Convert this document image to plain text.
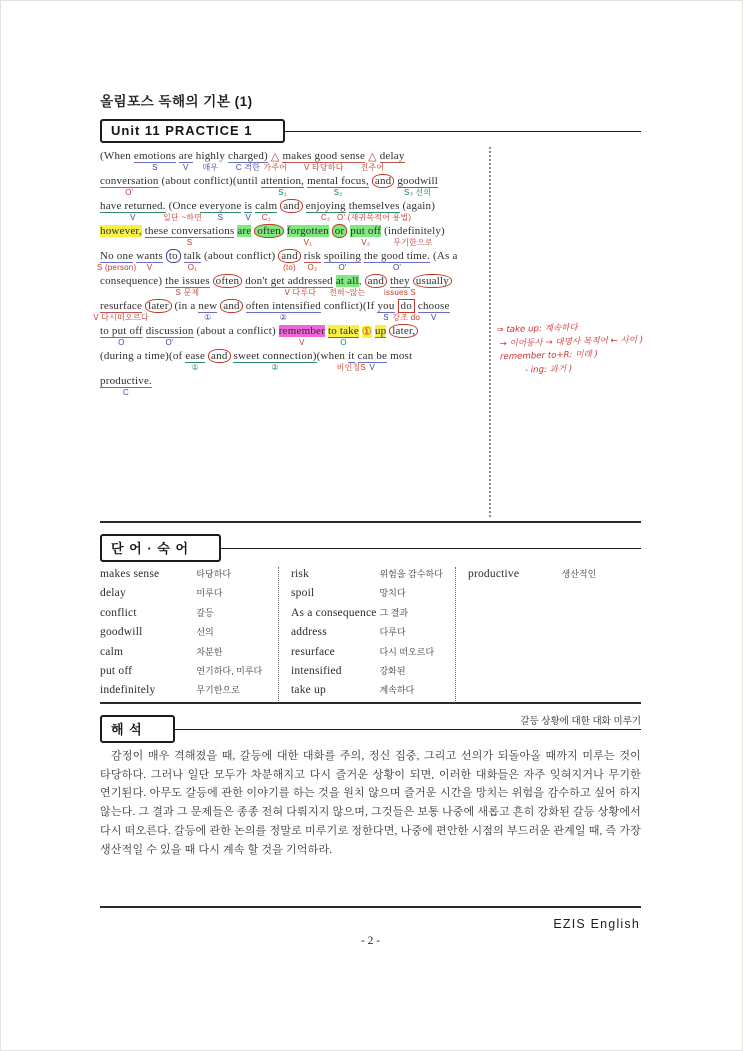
올림포스 독해의 기본 (1)
Unit 11 PRACTICE 1
(When emotions
S
are
V
highly
매우
charged)
C 격한
△
가주어
makes good sense
V 타당하다
△
진주어
delay
conversation
O'
(about conflict)(until attention,
S₁
mental focus,
S₂
and goodwill
S₃ 선의
have returned.
V
(Once
일단 ~하면
everyone
S
is
V
calm
C₁
and enjoying
C₂
themselves
O' (재귀목적어 용법)
(again)
however, these conversations
S
are often forgotten
V₁
or put off
V₂
(indefinitely)
무기한으로
No one
S (person)
wants
V
to talk
O₁
(about conflict) and
(to)
risk
O₂
spoiling
O'
the good time.
O'
(As a
consequence) the issues
S 문제
often don't get addressed
V 다루다
at all
전혀~않는
, and they
issues S
usually
resurface
V 다시떠오르다
later (in a new
①
and often intensified
②
conflict)(If you
S
do
강조 do
choose
V
to put off
O
discussion
O'
(about a conflict) remember
V
to take
O
① up later,
(during a time)(of ease
①
and sweet connection)
②
(when it
비인칭S
can be
V
most
productive.
C
⇒ take up: 계속하다
→ 이어동사 → 대명사 목적어 ← 사이 )
remember to+R: 미래 )
- ing: 과거 )
단 어 · 숙 어
makes sense	타당하다
delay	미루다
conflict	갈등
goodwill	선의
calm	차분한
put off	연기하다, 미루다
indefinitely	무기한으로
risk	위험을 감수하다
spoil	망치다
As a consequence 그 결과
address	다루다
resurface	다시 떠오르다
intensified	강화된
take up	계속하다
productive	생산적인
해 석
갈등 상황에 대한 대화 미루기
감정이 매우 격해졌을 때, 갈등에 대한 대화를 주의, 정신 집중, 그리고 선의가 되돌아올 때까지 미루는 것이 타당하다. 그러나 일단 모두가 차분해지고 다시 즐거운 상황이 되면, 이러한 대화들은 자주 잊혀지거나 무기한 연기된다. 아무도 갈등에 관한 이야기를 하는 것을 원치 않으며 즐거운 시간을 망치는 위험을 감수하고 싶어 하지 않는다. 그 결과 그 문제들은 종종 전혀 다뤄지지 않으며, 그것들은 보통 나중에 새롭고 흔히 강화된 갈등 상황에서 다시 떠오른다. 갈등에 관한 논의를 정말로 미루기로 정한다면, 나중에 편안한 시점의 부드러운 관계일 때, 즉 가장 생산적일 수 있을 때 다시 계속 할 것을 기억하라.
EZIS English
- 2 -
